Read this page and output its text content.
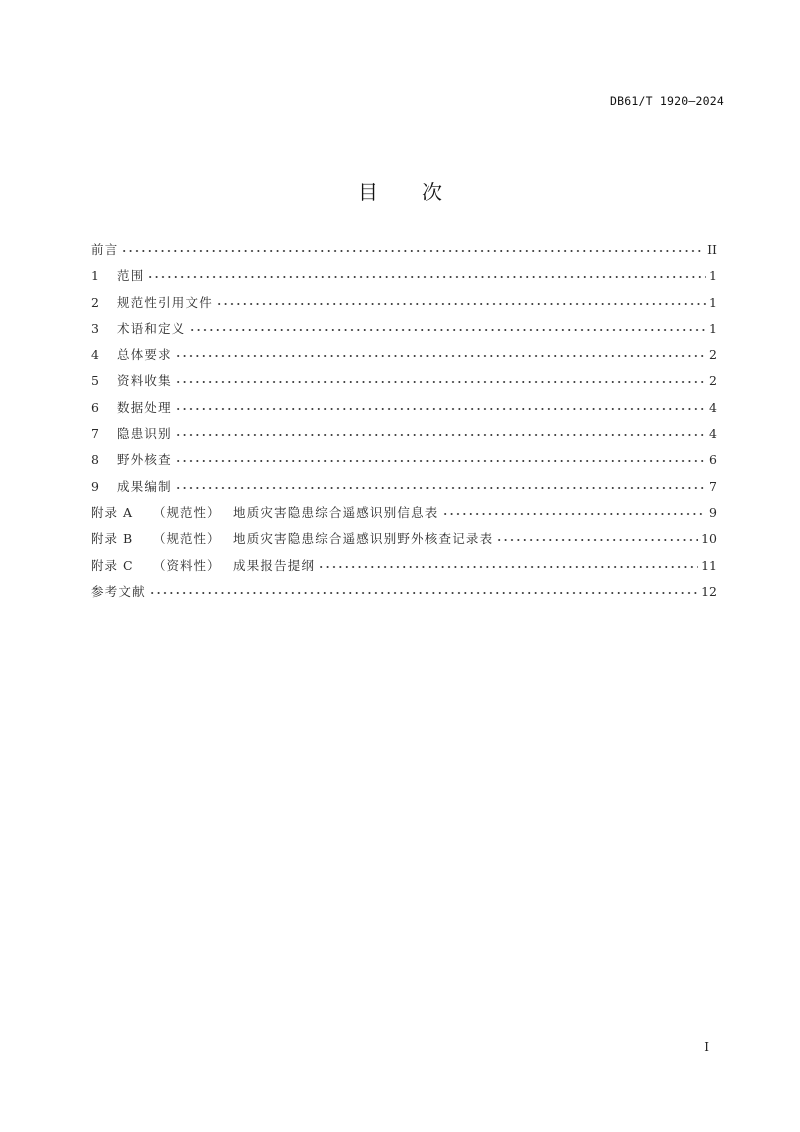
DB61/T 1920—2024
目 次
前言	II
1	范围	1
2	规范性引用文件	1
3	术语和定义	1
4	总体要求	2
5	资料收集	2
6	数据处理	4
7	隐患识别	4
8	野外核查	6
9	成果编制	7
附录 A	（规范性） 地质灾害隐患综合遥感识别信息表	9
附录 B	（规范性） 地质灾害隐患综合遥感识别野外核查记录表	10
附录 C	（资料性） 成果报告提纲	11
参考文献	12
I
